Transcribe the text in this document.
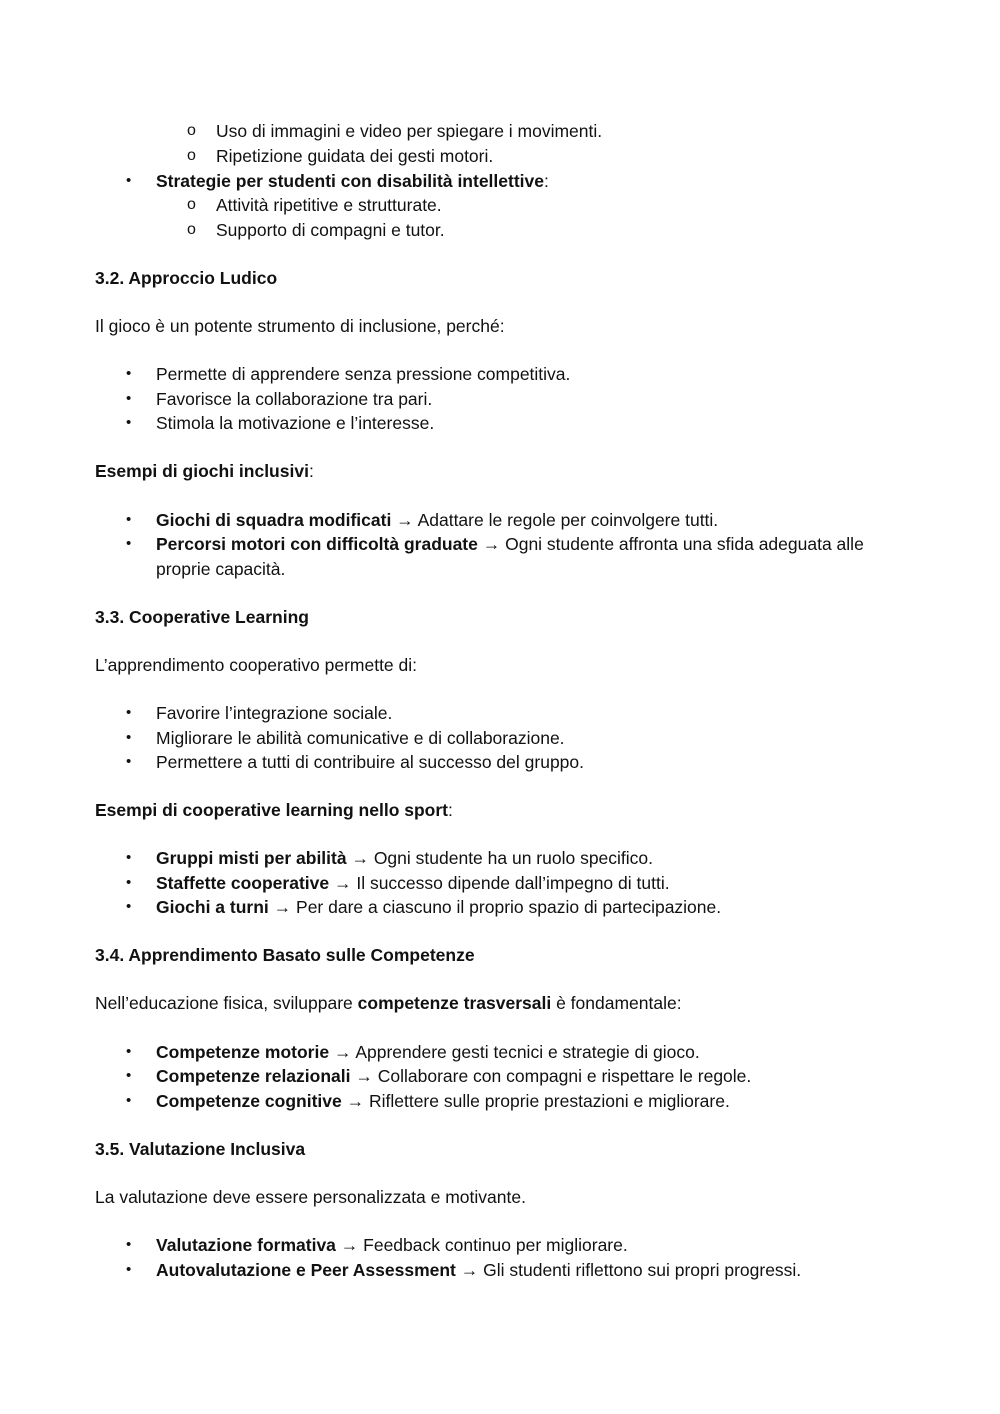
o Uso di immagini e video per spiegare i movimenti.
o Ripetizione guidata dei gesti motori.
• Strategie per studenti con disabilità intellettive:
o Attività ripetitive e strutturate.
o Supporto di compagni e tutor.
3.2. Approccio Ludico
Il gioco è un potente strumento di inclusione, perché:
• Permette di apprendere senza pressione competitiva.
• Favorisce la collaborazione tra pari.
• Stimola la motivazione e l’interesse.
Esempi di giochi inclusivi:
• Giochi di squadra modificati → Adattare le regole per coinvolgere tutti.
• Percorsi motori con difficoltà graduate → Ogni studente affronta una sfida adeguata alle
proprie capacità.
3.3. Cooperative Learning
L’apprendimento cooperativo permette di:
• Favorire l’integrazione sociale.
• Migliorare le abilità comunicative e di collaborazione.
• Permettere a tutti di contribuire al successo del gruppo.
Esempi di cooperative learning nello sport:
• Gruppi misti per abilità → Ogni studente ha un ruolo specifico.
• Staffette cooperative → Il successo dipende dall’impegno di tutti.
• Giochi a turni → Per dare a ciascuno il proprio spazio di partecipazione.
3.4. Apprendimento Basato sulle Competenze
Nell’educazione fisica, sviluppare competenze trasversali è fondamentale:
• Competenze motorie → Apprendere gesti tecnici e strategie di gioco.
• Competenze relazionali → Collaborare con compagni e rispettare le regole.
• Competenze cognitive → Riflettere sulle proprie prestazioni e migliorare.
3.5. Valutazione Inclusiva
La valutazione deve essere personalizzata e motivante.
• Valutazione formativa → Feedback continuo per migliorare.
• Autovalutazione e Peer Assessment → Gli studenti riflettono sui propri progressi.
